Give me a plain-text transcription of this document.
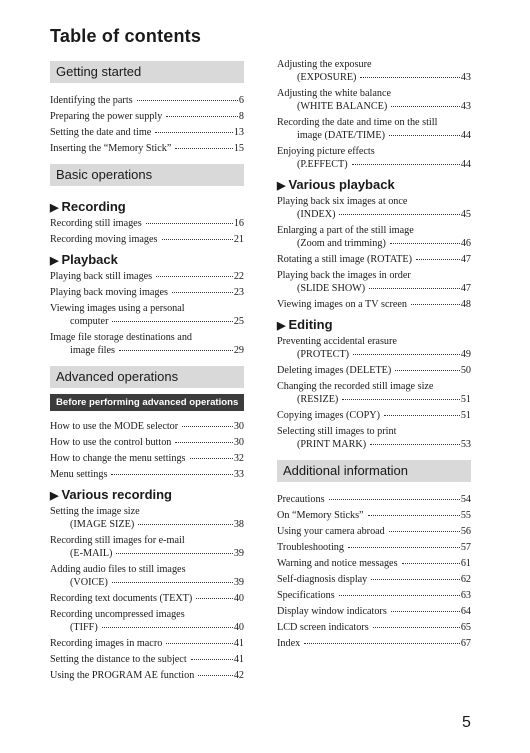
Table of contents
Getting started
Identifying the parts	6
Preparing the power supply	8
Setting the date and time	13
Inserting the “Memory Stick”	15
Basic operations
▶ Recording
Recording still images	16
Recording moving images	21
▶ Playback
Playing back still images	22
Playing back moving images	23
Viewing images using a personal
computer	25
Image file storage destinations and
image files	29
Advanced operations
Before performing advanced operations
How to use the MODE selector	30
How to use the control button	30
How to change the menu settings	32
Menu settings	33
▶ Various recording
Setting the image size
(IMAGE SIZE)	38
Recording still images for e-mail
(E-MAIL)	39
Adding audio files to still images
(VOICE)	39
Recording text documents (TEXT)	40
Recording uncompressed images
(TIFF)	40
Recording images in macro	41
Setting the distance to the subject	41
Using the PROGRAM AE function	42
Adjusting the exposure
(EXPOSURE)	43
Adjusting the white balance
(WHITE BALANCE)	43
Recording the date and time on the still
image (DATE/TIME)	44
Enjoying picture effects
(P.EFFECT)	44
▶ Various playback
Playing back six images at once
(INDEX)	45
Enlarging a part of the still image
(Zoom and trimming)	46
Rotating a still image (ROTATE)	47
Playing back the images in order
(SLIDE SHOW)	47
Viewing images on a TV screen	48
▶ Editing
Preventing accidental erasure
(PROTECT)	49
Deleting images (DELETE)	50
Changing the recorded still image size
(RESIZE)	51
Copying images (COPY)	51
Selecting still images to print
(PRINT MARK)	53
Additional information
Precautions	54
On “Memory Sticks”	55
Using your camera abroad	56
Troubleshooting	57
Warning and notice messages	61
Self-diagnosis display	62
Specifications	63
Display window indicators	64
LCD screen indicators	65
Index	67
5
